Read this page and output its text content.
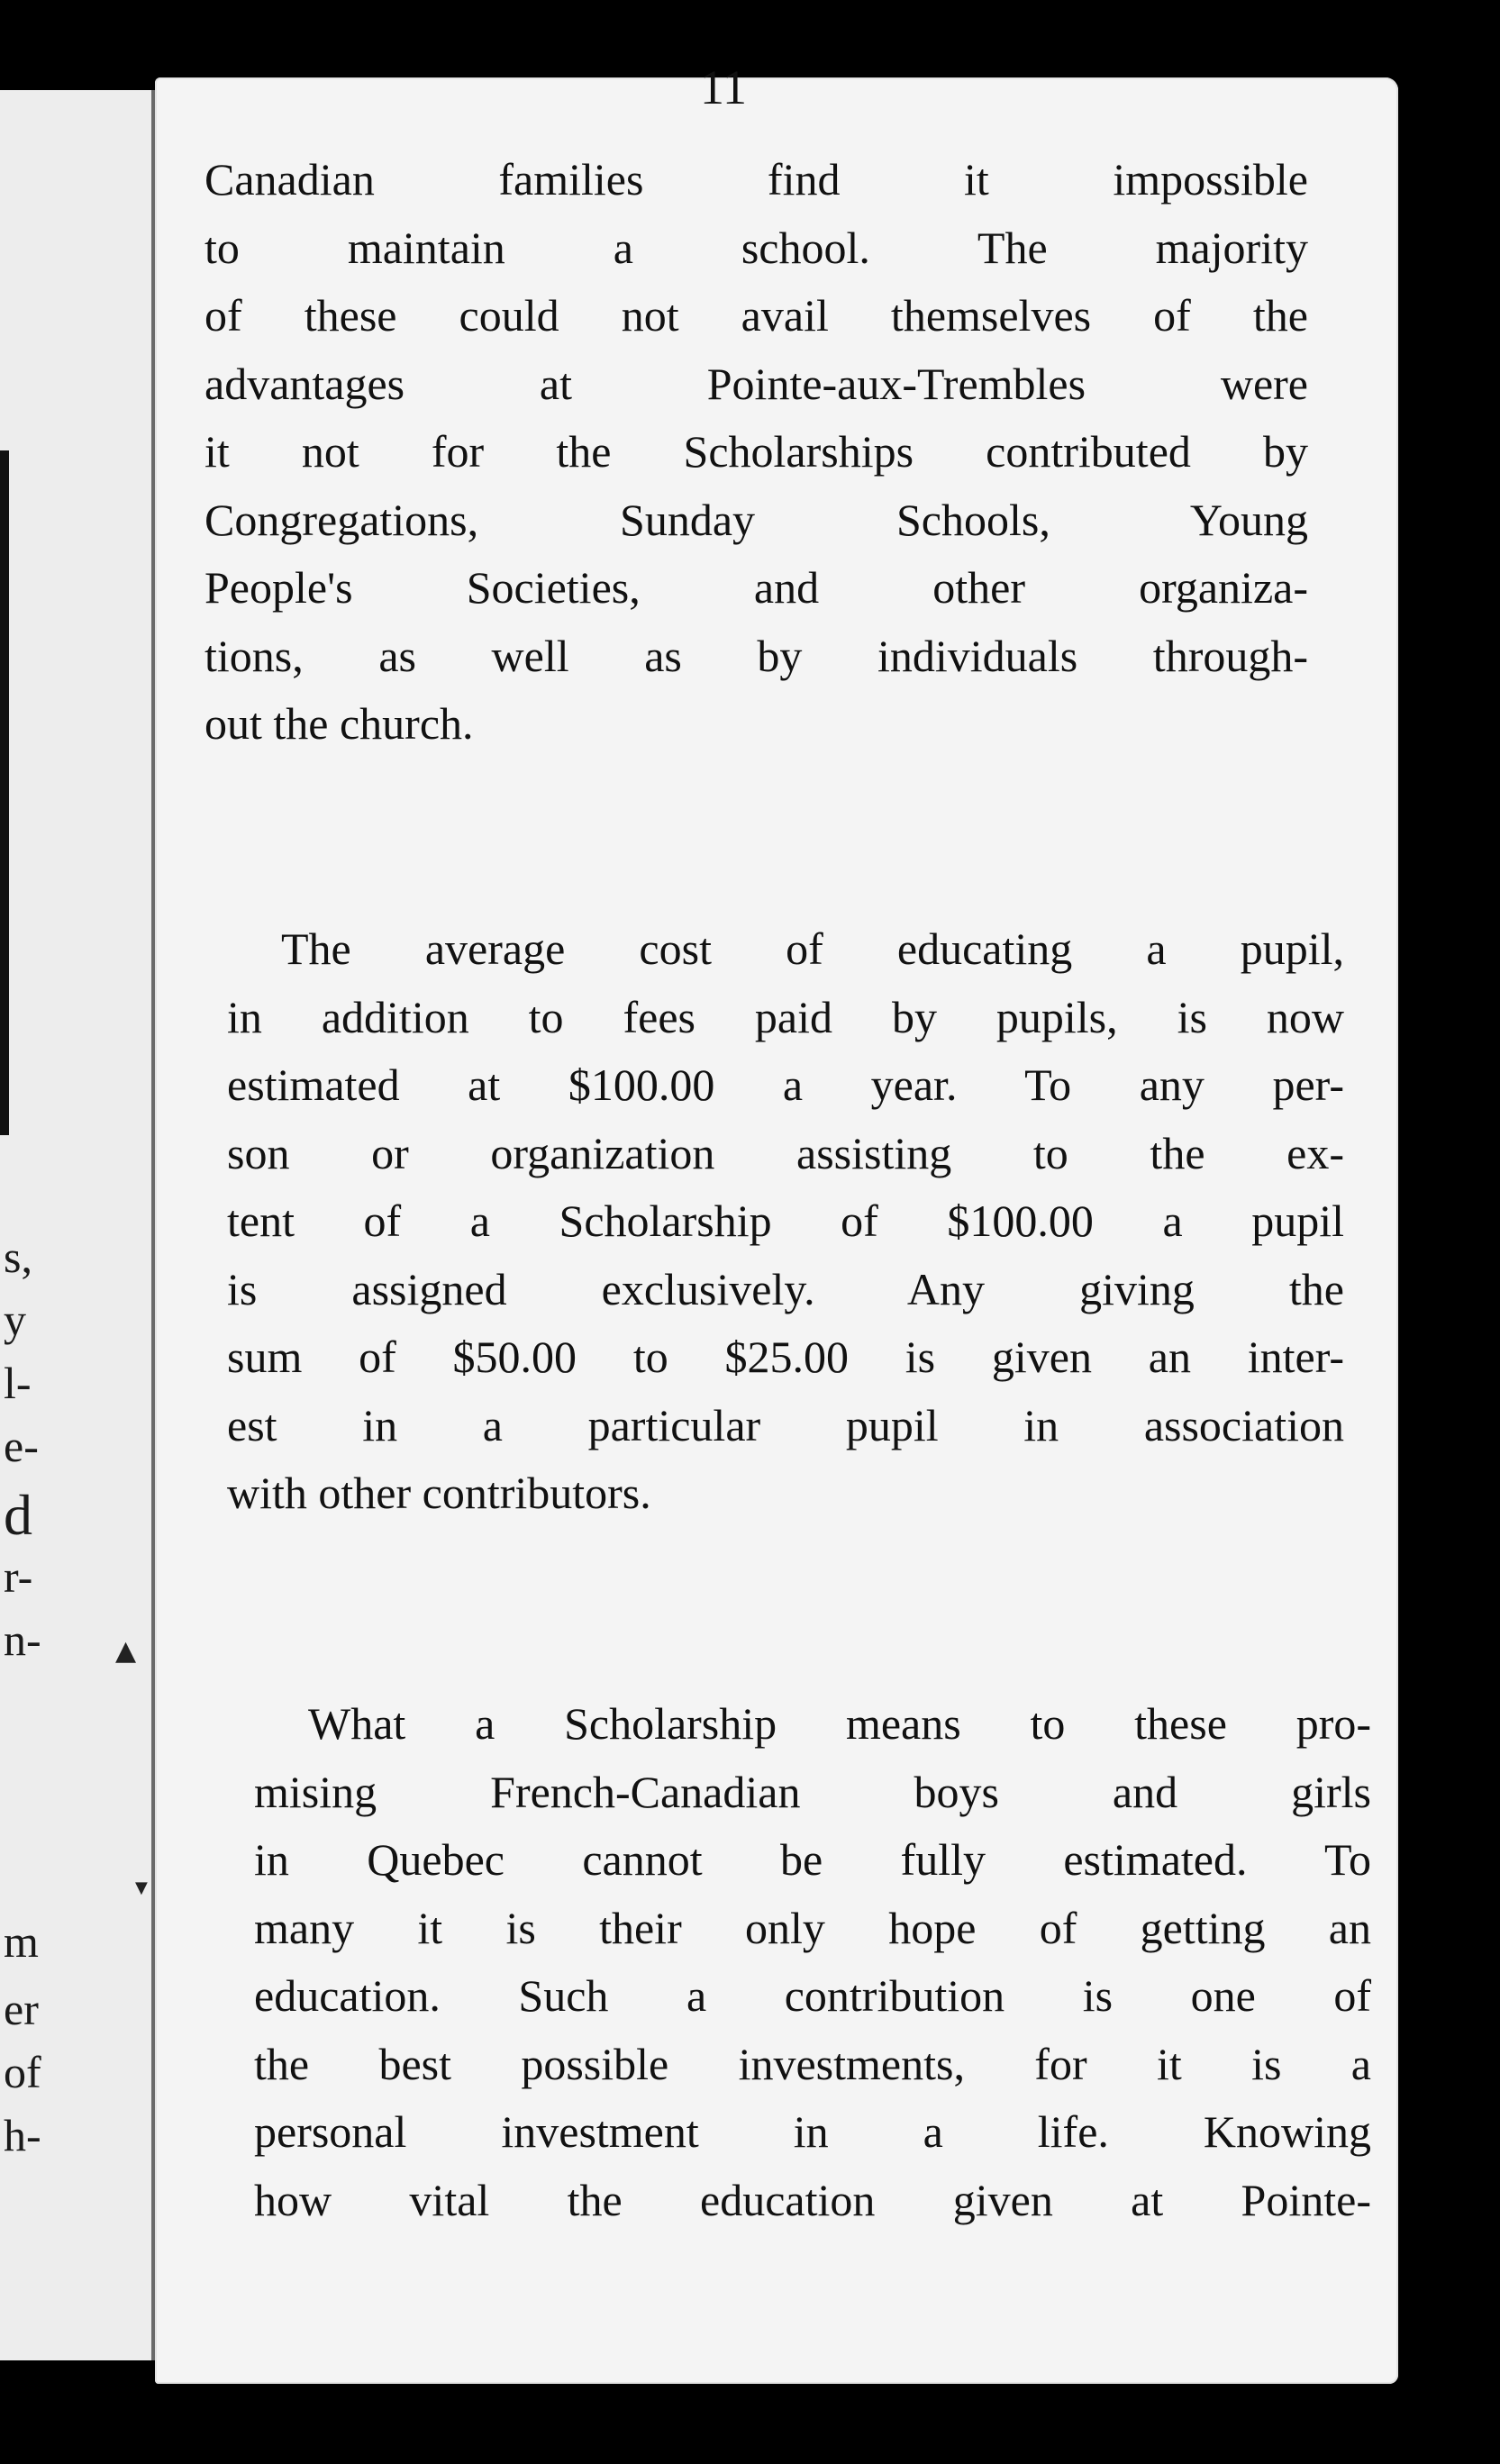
s,
y
l-
e-
d
r-
n-
m
er
of
h-
11
Canadian families find it impossible
to maintain a school. The majority
of these could not avail themselves of the
advantages at Pointe-aux-Trembles were
it not for the Scholarships contributed by
Congregations, Sunday Schools, Young
People's Societies, and other organiza-
tions, as well as by individuals through-
out the church.
The average cost of educating a pupil,
in addition to fees paid by pupils, is now
estimated at $100.00 a year. To any per-
son or organization assisting to the ex-
tent of a Scholarship of $100.00 a pupil
is assigned exclusively. Any giving the
sum of $50.00 to $25.00 is given an inter-
est in a particular pupil in association
with other contributors.
What a Scholarship means to these pro-
mising French-Canadian boys and girls
in Quebec cannot be fully estimated. To
many it is their only hope of getting an
education. Such a contribution is one of
the best possible investments, for it is a
personal investment in a life. Knowing
how vital the education given at Pointe-
▲
▼
